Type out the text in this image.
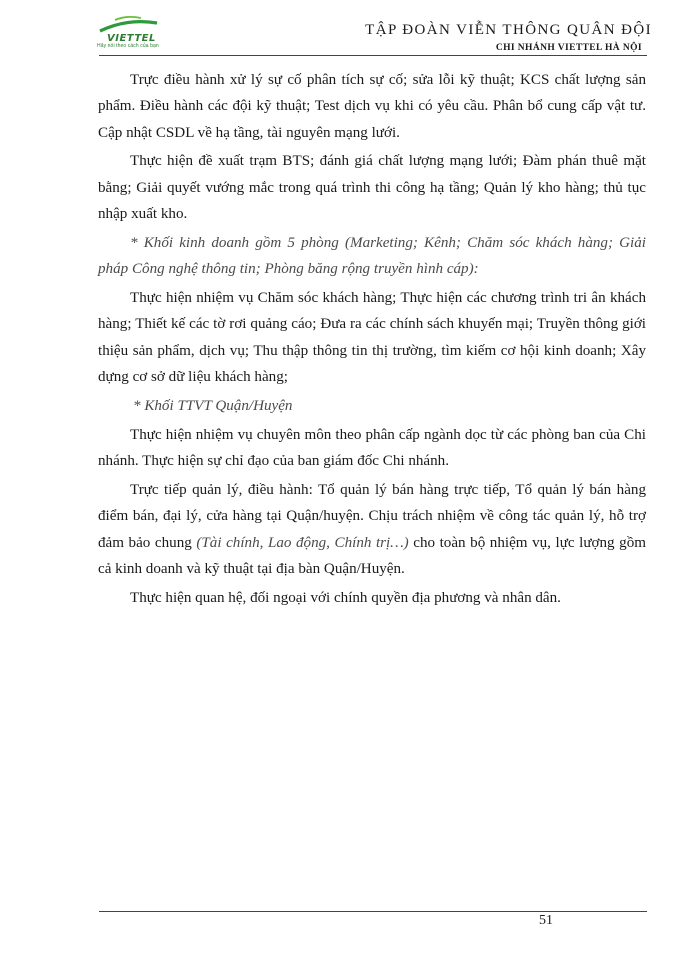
VIETTEL
Hãy nói theo cách của bạn
TẬP ĐOÀN VIỄN THÔNG QUÂN ĐỘI
CHI NHÁNH VIETTEL HÀ NỘI

Trực điều hành xử lý sự cố phân tích sự cố; sửa lỗi kỹ thuật; KCS chất lượng sản phẩm. Điều hành các đội kỹ thuật; Test dịch vụ khi có yêu cầu. Phân bổ cung cấp vật tư. Cập nhật CSDL về hạ tầng, tài nguyên mạng lưới.

Thực hiện đề xuất trạm BTS; đánh giá chất lượng mạng lưới; Đàm phán thuê mặt bằng; Giải quyết vướng mắc trong quá trình thi công hạ tầng; Quản lý kho hàng; thủ tục nhập xuất kho.

* Khối kinh doanh gồm 5 phòng (Marketing; Kênh; Chăm sóc khách hàng; Giải pháp Công nghệ thông tin; Phòng băng rộng truyền hình cáp):

Thực hiện nhiệm vụ Chăm sóc khách hàng; Thực hiện các chương trình tri ân khách hàng; Thiết kế các tờ rơi quảng cáo; Đưa ra các chính sách khuyến mại; Truyền thông giới thiệu sản phẩm, dịch vụ; Thu thập thông tin thị trường, tìm kiếm cơ hội kinh doanh; Xây dựng cơ sở dữ liệu khách hàng;

* Khối TTVT Quận/Huyện

Thực hiện nhiệm vụ chuyên môn theo phân cấp ngành dọc từ các phòng ban của Chi nhánh. Thực hiện sự chỉ đạo của ban giám đốc Chi nhánh.

Trực tiếp quản lý, điều hành: Tổ quản lý bán hàng trực tiếp, Tổ quản lý bán hàng điểm bán, đại lý, cửa hàng tại Quận/huyện. Chịu trách nhiệm về công tác quản lý, hỗ trợ đảm bảo chung (Tài chính, Lao động, Chính trị…) cho toàn bộ nhiệm vụ, lực lượng gồm cả kinh doanh và kỹ thuật tại địa bàn Quận/Huyện.

Thực hiện quan hệ, đối ngoại với chính quyền địa phương và nhân dân.

51
